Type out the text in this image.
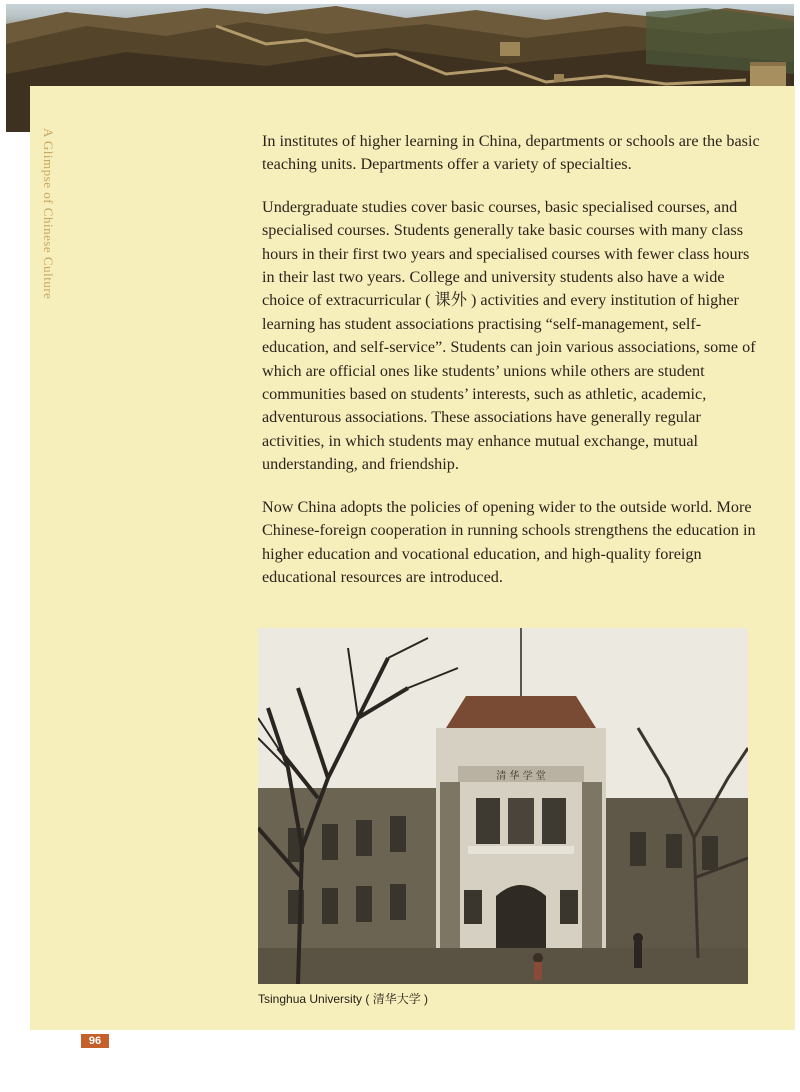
A Glimpse of Chinese Culture	In institutes of higher learning in China, departments or schools are the basic teaching units. Departments offer a variety of specialties.

Undergraduate studies cover basic courses, basic specialised courses, and specialised courses. Students generally take basic courses with many class hours in their first two years and specialised courses with fewer class hours in their last two years. College and university students also have a wide choice of extracurricular ( 课外 ) activities and every institution of higher learning has student associations practising “self-management, self-education, and self-service”. Students can join various associations, some of which are official ones like students’ unions while others are student communities based on students’ interests, such as athletic, academic, adventurous associations. These associations have generally regular activities, in which students may enhance mutual exchange, mutual understanding, and friendship.

Now China adopts the policies of opening wider to the outside world. More Chinese-foreign cooperation in running schools strengthens the education in higher education and vocational education, and high-quality foreign educational resources are introduced.

清 华 学 堂
Tsinghua University ( 清华大学 )
96
